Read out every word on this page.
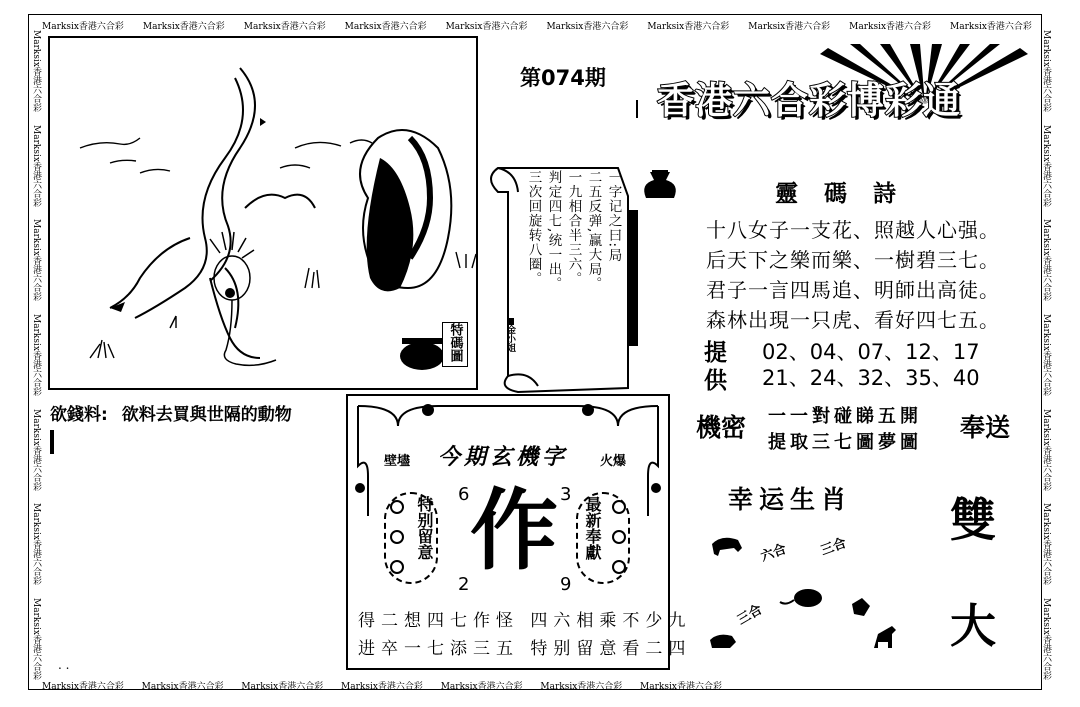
Marksix香港六合彩 Marksix香港六合彩 Marksix香港六合彩 Marksix香港六合彩 Marksix香港六合彩 Marksix香港六合彩 Marksix香港六合彩 Marksix香港六合彩 Marksix香港六合彩 Marksix香港六合彩
Marksix香港六合彩 Marksix香港六合彩 Marksix香港六合彩 Marksix香港六合彩 Marksix香港六合彩 Marksix香港六合彩 Marksix香港六合彩
Marksix香港六合彩
Marksix香港六合彩
Marksix香港六合彩
Marksix香港六合彩
Marksix香港六合彩
Marksix香港六合彩
Marksix香港六合彩
Marksix香港六合彩
Marksix香港六合彩
Marksix香港六合彩
Marksix香港六合彩
Marksix香港六合彩
Marksix香港六合彩
Marksix香港六合彩
特碼圖
欲錢料: 欲料去買與世隔的動物
. .
一字记之曰:局
二五反弹,赢大局。
一九相合半三六。
判定四七,统一出。
三次回旋转八圈。
金小姐
赢钱
锦囊
第074期
香港六合彩博彩通
靈碼詩
十八女子一支花、照越人心强。
后天下之樂而樂、一樹碧三七。
君子一言四馬追、明師出高徒。
森林出現一只虎、看好四七五。
提 02、04、07、12、17
供 21、24、32、35、40
機密	奉送
一一對碰睇五開
提取三七圖夢圖
幸运生肖 雙
大
六合 三合
三合
壁壗 今期玄機字 火爆
特别留意	最新奉獻
6	3
2	9
作
得二想四七作怪 四六相乘不少九
进卒一七添三五 特别留意看二四
